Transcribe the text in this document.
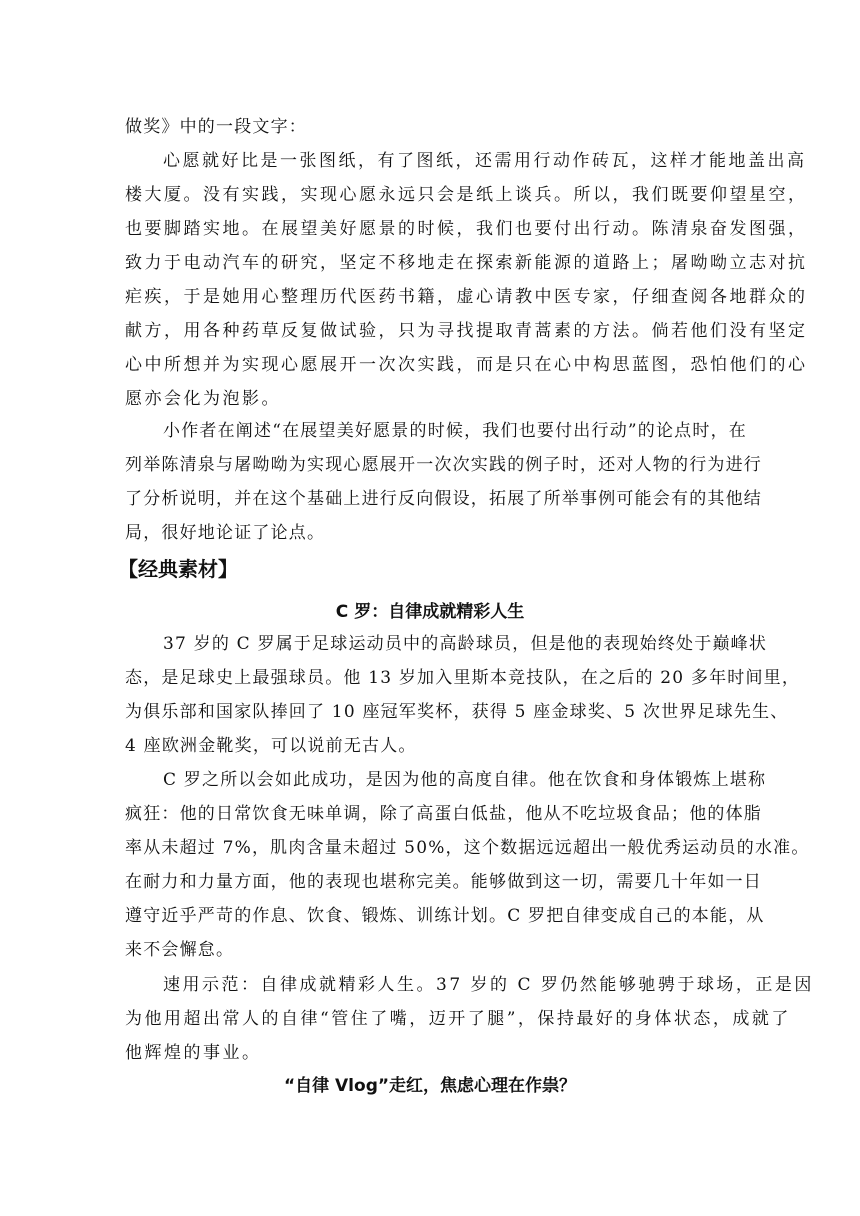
做奖》中的一段文字：
心愿就好比是一张图纸，有了图纸，还需用行动作砖瓦，这样才能地盖出高
楼大厦。没有实践，实现心愿永远只会是纸上谈兵。所以，我们既要仰望星空，
也要脚踏实地。在展望美好愿景的时候，我们也要付出行动。陈清泉奋发图强，
致力于电动汽车的研究，坚定不移地走在探索新能源的道路上；屠呦呦立志对抗
疟疾，于是她用心整理历代医药书籍，虚心请教中医专家，仔细查阅各地群众的
献方，用各种药草反复做试验，只为寻找提取青蒿素的方法。倘若他们没有坚定
心中所想并为实现心愿展开一次次实践，而是只在心中构思蓝图，恐怕他们的心
愿亦会化为泡影。
小作者在阐述“在展望美好愿景的时候，我们也要付出行动”的论点时，在
列举陈清泉与屠呦呦为实现心愿展开一次次实践的例子时，还对人物的行为进行
了分析说明，并在这个基础上进行反向假设，拓展了所举事例可能会有的其他结
局，很好地论证了论点。
【经典素材】
C 罗：自律成就精彩人生
37 岁的 C 罗属于足球运动员中的高龄球员，但是他的表现始终处于巅峰状
态，是足球史上最强球员。他 13 岁加入里斯本竞技队，在之后的 20 多年时间里，
为俱乐部和国家队捧回了 10 座冠军奖杯，获得 5 座金球奖、5 次世界足球先生、
4 座欧洲金靴奖，可以说前无古人。
C 罗之所以会如此成功，是因为他的高度自律。他在饮食和身体锻炼上堪称
疯狂：他的日常饮食无味单调，除了高蛋白低盐，他从不吃垃圾食品；他的体脂
率从未超过 7%，肌肉含量未超过 50%，这个数据远远超出一般优秀运动员的水准。
在耐力和力量方面，他的表现也堪称完美。能够做到这一切，需要几十年如一日
遵守近乎严苛的作息、饮食、锻炼、训练计划。C 罗把自律变成自己的本能，从
来不会懈怠。
速用示范：自律成就精彩人生。37 岁的 C 罗仍然能够驰骋于球场，正是因
为他用超出常人的自律“管住了嘴，迈开了腿”，保持最好的身体状态，成就了
他辉煌的事业。
“自律 Vlog”走红，焦虑心理在作祟？
